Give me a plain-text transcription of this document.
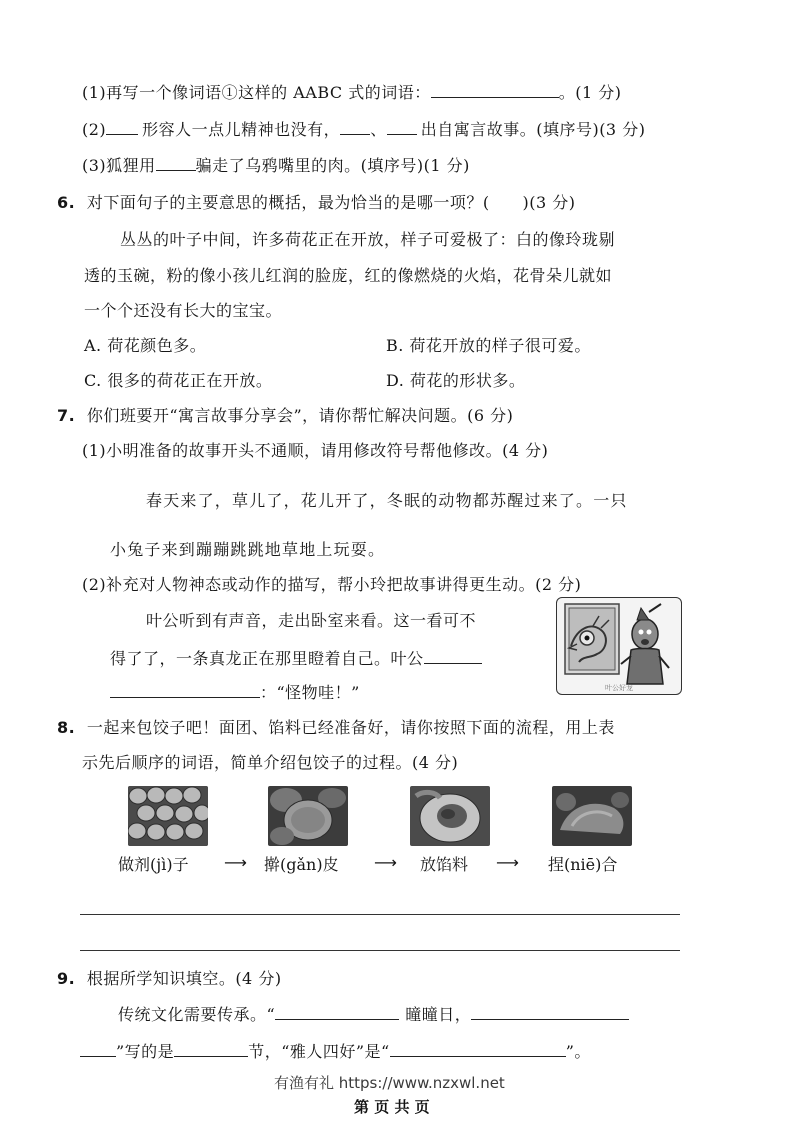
(1)再写一个像词语①这样的 AABC 式的词语：	。(1 分)
(2) 形容人一点儿精神也没有， 、 出自寓言故事。(填序号)(3 分)
(3)狐狸用	骗走了乌鸦嘴里的肉。(填序号)(1 分)
6. 对下面句子的主要意思的概括，最为恰当的是哪一项？(　　)(3 分)
丛丛的叶子中间，许多荷花正在开放，样子可爱极了：白的像玲珑剔
透的玉碗，粉的像小孩儿红润的脸庞，红的像燃烧的火焰，花骨朵儿就如
一个个还没有长大的宝宝。
A. 荷花颜色多。	B. 荷花开放的样子很可爱。
C. 很多的荷花正在开放。	D. 荷花的形状多。
7. 你们班要开“寓言故事分享会”，请你帮忙解决问题。(6 分)
(1)小明准备的故事开头不通顺，请用修改符号帮他修改。(4 分)
春天来了，草儿了，花儿开了，冬眠的动物都苏醒过来了。一只
小兔子来到蹦蹦跳跳地草地上玩耍。
(2)补充对人物神态或动作的描写，帮小玲把故事讲得更生动。(2 分)
叶公听到有声音，走出卧室来看。这一看可不
得了了，一条真龙正在那里瞪着自己。叶公
：“怪物哇！”	叶公好龙
8. 一起来包饺子吧！面团、馅料已经准备好，请你按照下面的流程，用上表
示先后顺序的词语，简单介绍包饺子的过程。(4 分)
做剂(jì)子 ⟶ 擀(gǎn)皮 ⟶ 放馅料 ⟶ 捏(niē)合
9. 根据所学知识填空。(4 分)
传统文化需要传承。“	曈曈日，
”写的是	节，“雅人四好”是“	”。
有渔有礼 https://www.nzxwl.net
第 页 共 页
